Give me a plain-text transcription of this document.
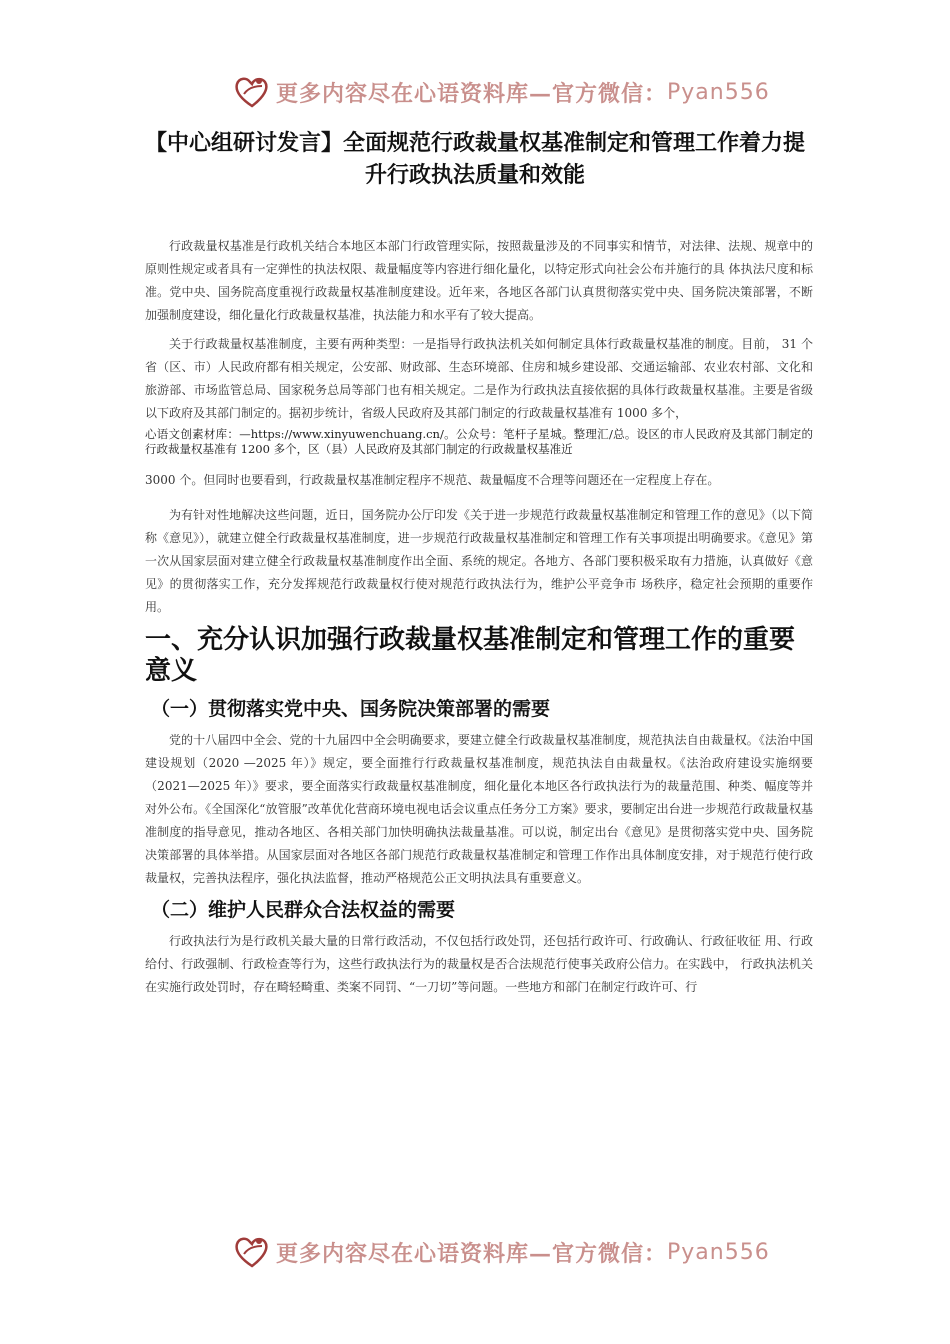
更多内容尽在心语资料库—官方微信： Pyan556
【中心组研讨发言】全面规范行政裁量权基准制定和管理工作着力提
升行政执法质量和效能

行政裁量权基准是行政机关结合本地区本部门行政管理实际，按照裁量涉及的不同事实和情节，对法律、法规、规章中的原则性规定或者具有一定弹性的执法权限、裁量幅度等内容进行细化量化，以特定形式向社会公布并施行的具 体执法尺度和标准。党中央、国务院高度重视行政裁量权基准制度建设。近年来，各地区各部门认真贯彻落实党中央、国务院决策部署，不断加强制度建设，细化量化行政裁量权基准，执法能力和水平有了较大提高。

关于行政裁量权基准制度，主要有两种类型：一是指导行政执法机关如何制定具体行政裁量权基准的制度。目前， 31 个省（区、市）人民政府都有相关规定，公安部、财政部、生态环境部、住房和城乡建设部、交通运输部、农业农村部、文化和旅游部、市场监管总局、国家税务总局等部门也有相关规定。二是作为行政执法直接依据的具体行政裁量权基准。主要是省级以下政府及其部门制定的。据初步统计，省级人民政府及其部门制定的行政裁量权基准有 1000 多个，

心语文创素材库：—https://www.xinyuwenchuang.cn/。公众号：笔杆子星城。整理汇/总。设区的市人民政府及其部门制定的行政裁量权基准有 1200 多个，区（县）人民政府及其部门制定的行政裁量权基准近

3000 个。但同时也要看到，行政裁量权基准制定程序不规范、裁量幅度不合理等问题还在一定程度上存在。

为有针对性地解决这些问题，近日，国务院办公厅印发《关于进一步规范行政裁量权基准制定和管理工作的意见》（以下简称《意见》），就建立健全行政裁量权基准制度，进一步规范行政裁量权基准制定和管理工作有关事项提出明确要求。《意见》第一次从国家层面对建立健全行政裁量权基准制度作出全面、系统的规定。各地方、各部门要积极采取有力措施，认真做好《意见》的贯彻落实工作，充分发挥规范行政裁量权行使对规范行政执法行为，维护公平竞争市 场秩序，稳定社会预期的重要作用。

一、充分认识加强行政裁量权基准制定和管理工作的重要意义
（一）贯彻落实党中央、国务院决策部署的需要

党的十八届四中全会、党的十九届四中全会明确要求，要建立健全行政裁量权基准制度，规范执法自由裁量权。《法治中国建设规划（2020 —2025 年）》规定，要全面推行行政裁量权基准制度，规范执法自由裁量权。《法治政府建设实施纲要（2021—2025 年）》要求，要全面落实行政裁量权基准制度，细化量化本地区各行政执法行为的裁量范围、种类、幅度等并对外公布。《全国深化“放管服”改革优化营商环境电视电话会议重点任务分工方案》要求，要制定出台进一步规范行政裁量权基准制度的指导意见，推动各地区、各相关部门加快明确执法裁量基准。可以说，制定出台《意见》是贯彻落实党中央、国务院决策部署的具体举措。从国家层面对各地区各部门规范行政裁量权基准制定和管理工作作出具体制度安排，对于规范行使行政裁量权，完善执法程序，强化执法监督，推动严格规范公正文明执法具有重要意义。

（二）维护人民群众合法权益的需要

行政执法行为是行政机关最大量的日常行政活动，不仅包括行政处罚，还包括行政许可、行政确认、行政征收征 用、行政给付、行政强制、行政检查等行为，这些行政执法行为的裁量权是否合法规范行使事关政府公信力。在实践中， 行政执法机关在实施行政处罚时，存在畸轻畸重、类案不同罚、“一刀切”等问题。一些地方和部门在制定行政许可、行

更多内容尽在心语资料库—官方微信： Pyan556
